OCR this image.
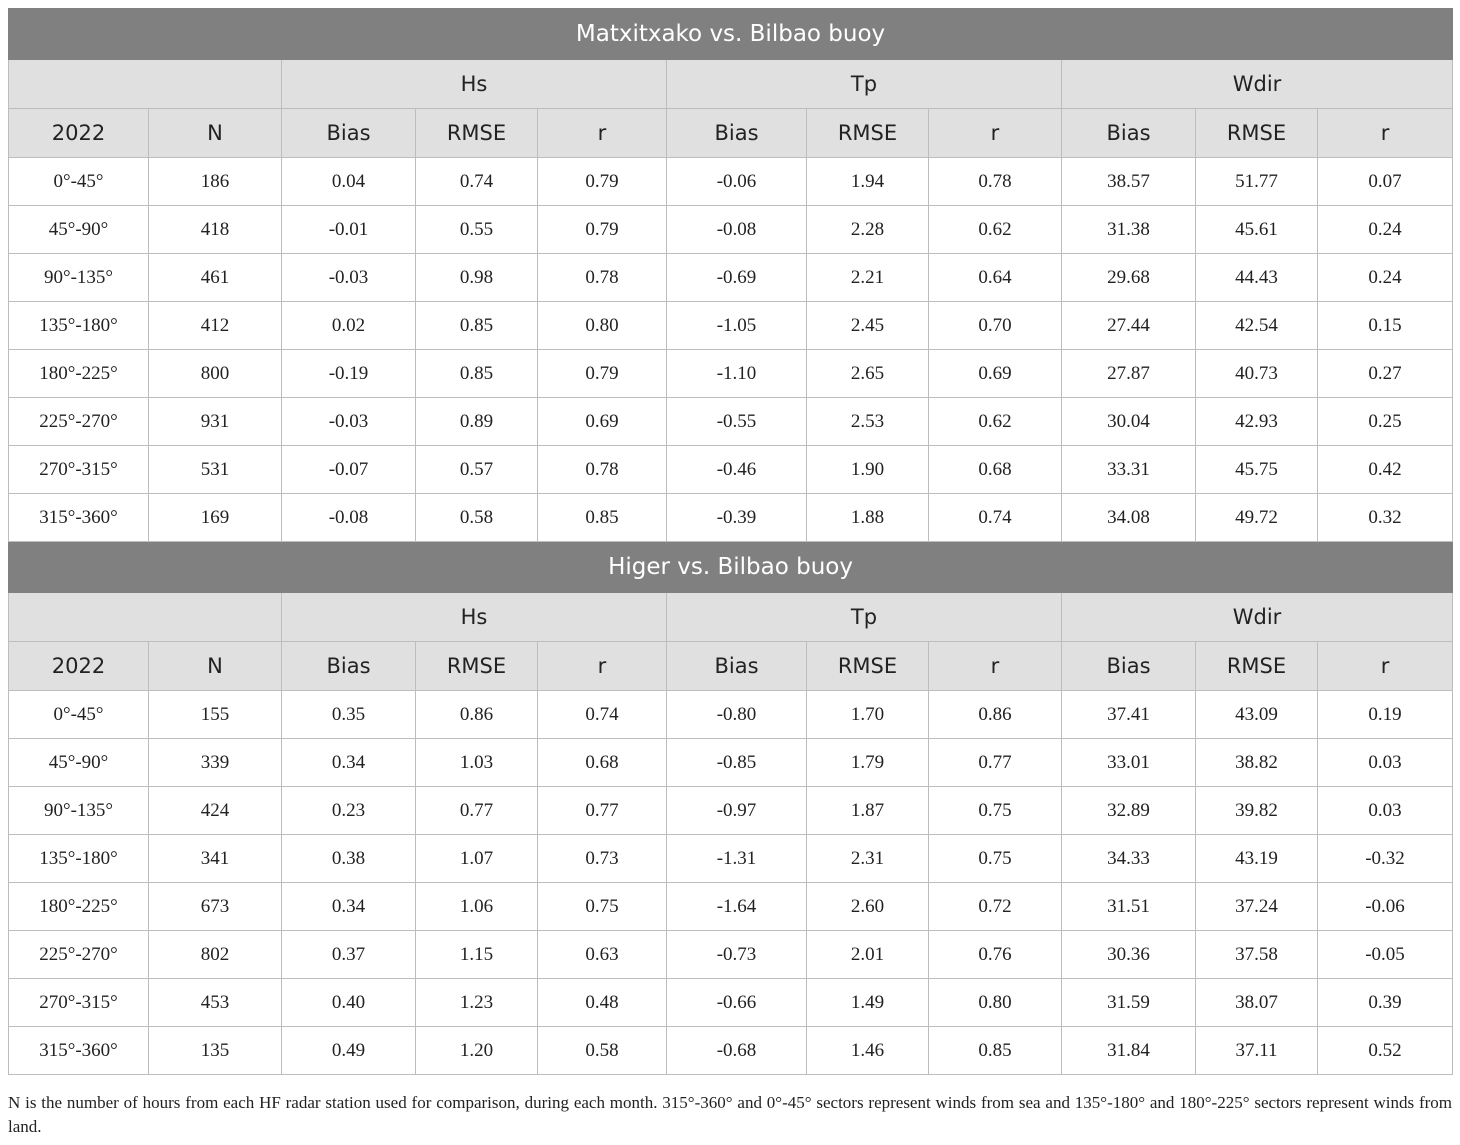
Matxitxako vs. Bilbao buoy										
		Hs			Tp			Wdir		
2022	N	Bias	RMSE	r	Bias	RMSE	r	Bias	RMSE	r
0°-45°	186	0.04	0.74	0.79	-0.06	1.94	0.78	38.57	51.77	0.07
45°-90°	418	-0.01	0.55	0.79	-0.08	2.28	0.62	31.38	45.61	0.24
90°-135°	461	-0.03	0.98	0.78	-0.69	2.21	0.64	29.68	44.43	0.24
135°-180°	412	0.02	0.85	0.80	-1.05	2.45	0.70	27.44	42.54	0.15
180°-225°	800	-0.19	0.85	0.79	-1.10	2.65	0.69	27.87	40.73	0.27
225°-270°	931	-0.03	0.89	0.69	-0.55	2.53	0.62	30.04	42.93	0.25
270°-315°	531	-0.07	0.57	0.78	-0.46	1.90	0.68	33.31	45.75	0.42
315°-360°	169	-0.08	0.58	0.85	-0.39	1.88	0.74	34.08	49.72	0.32
Higer vs. Bilbao buoy										
		Hs			Tp			Wdir		
2022	N	Bias	RMSE	r	Bias	RMSE	r	Bias	RMSE	r
0°-45°	155	0.35	0.86	0.74	-0.80	1.70	0.86	37.41	43.09	0.19
45°-90°	339	0.34	1.03	0.68	-0.85	1.79	0.77	33.01	38.82	0.03
90°-135°	424	0.23	0.77	0.77	-0.97	1.87	0.75	32.89	39.82	0.03
135°-180°	341	0.38	1.07	0.73	-1.31	2.31	0.75	34.33	43.19	-0.32
180°-225°	673	0.34	1.06	0.75	-1.64	2.60	0.72	31.51	37.24	-0.06
225°-270°	802	0.37	1.15	0.63	-0.73	2.01	0.76	30.36	37.58	-0.05
270°-315°	453	0.40	1.23	0.48	-0.66	1.49	0.80	31.59	38.07	0.39
315°-360°	135	0.49	1.20	0.58	-0.68	1.46	0.85	31.84	37.11	0.52
N is the number of hours from each HF radar station used for comparison, during each month. 315°-360° and 0°-45° sectors represent winds from sea and 135°-180° and 180°-225° sectors represent winds from land.
